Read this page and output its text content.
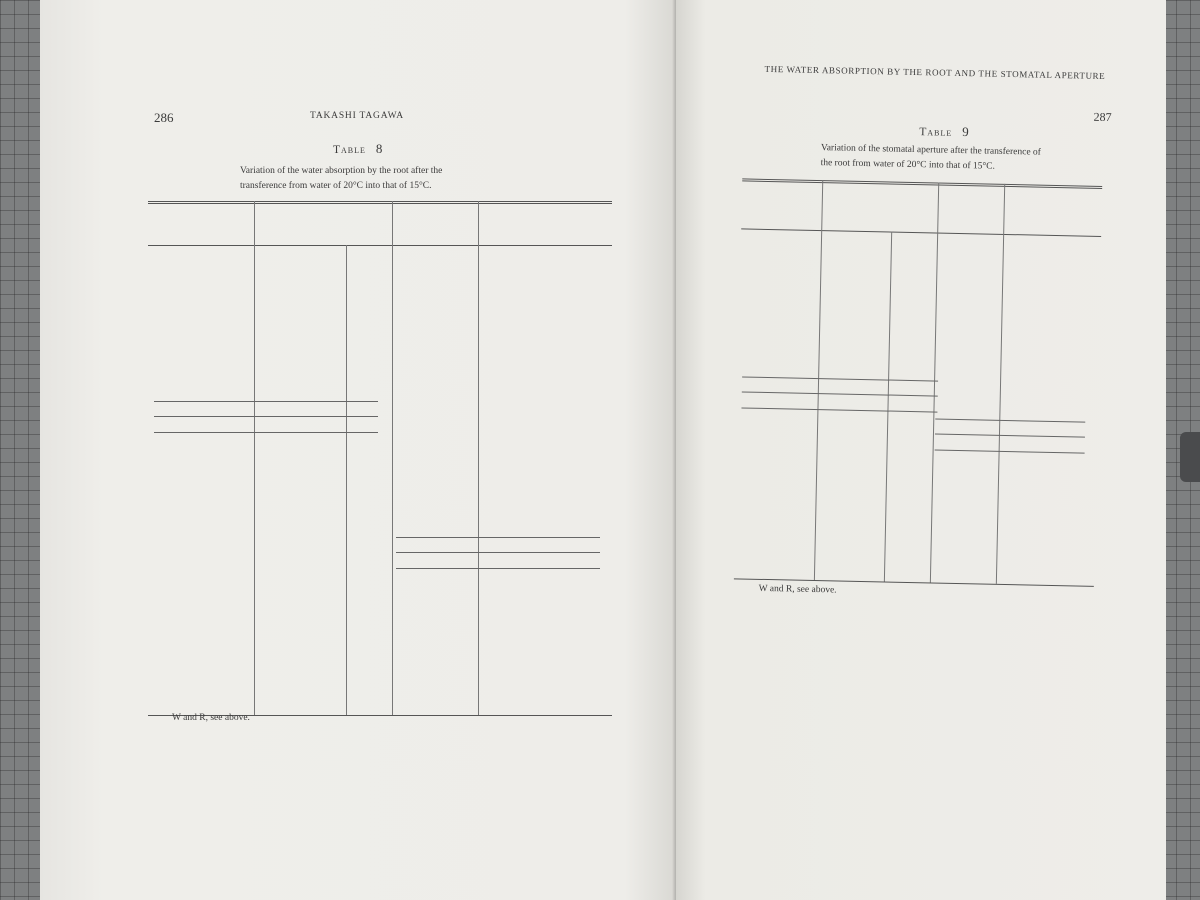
286	TAKASHI TAGAWA
Table 8
Variation of the water absorption by the root after the
transference from water of 20°C into that of 15°C.
W and R, see above.
THE WATER ABSORPTION BY THE ROOT AND THE STOMATAL APERTURE
287
Table 9
Variation of the stomatal aperture after the transference of
the root from water of 20°C into that of 15°C.
W and R, see above.
